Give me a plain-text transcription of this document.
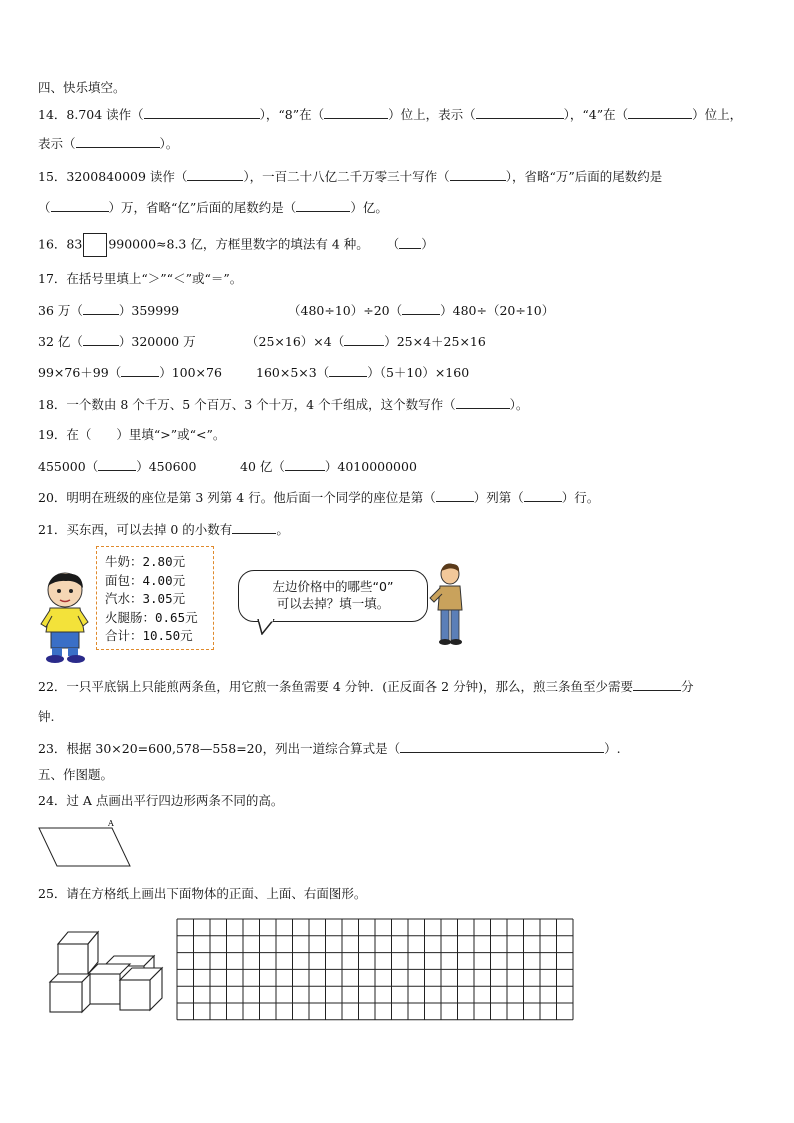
四、快乐填空。
14．8.704 读作（	），“8”在（	）位上，表示（	），“4”在（	）位上，
表示（	）。
15．3200840009 读作（	），一百二十八亿二千万零三十写作（	），省略“万”后面的尾数约是
（	）万，省略“亿”后面的尾数约是（	）亿。
16．83 990000≈8.3 亿，方框里数字的填法有 4 种。 （ ）
17．在括号里填上“＞”“＜”或“＝”。
36 万（	）359999	（480÷10）÷20（	）480÷（20÷10）
32 亿（	）320000 万	（25×16）×4（	）25×4＋25×16
99×76＋99（	）100×76	160×5×3（	）（5＋10）×160
18．一个数由 8 个千万、5 个百万、3 个十万，4 个千组成，这个数写作（	）。
19．在（　　）里填“>”或“<”。
455000（	）450600	40 亿（	）4010000000
20．明明在班级的座位是第 3 列第 4 行。他后面一个同学的座位是第（	）列第（	）行。
21．买东西，可以去掉 0 的小数有	。
牛奶：2.80元
面包：4.00元
汽水：3.05元
火腿肠：0.65元
合计：10.50元
左边价格中的哪些“0”
可以去掉？填一填。
22．一只平底锅上只能煎两条鱼，用它煎一条鱼需要 4 分钟．(正反面各 2 分钟)，那么，煎三条鱼至少需要	分
钟.
23．根据 30×20=600,578—558=20，列出一道综合算式是（	）.
五、作图题。
24．过 A 点画出平行四边形两条不同的高。
A
25．请在方格纸上画出下面物体的正面、上面、右面图形。
